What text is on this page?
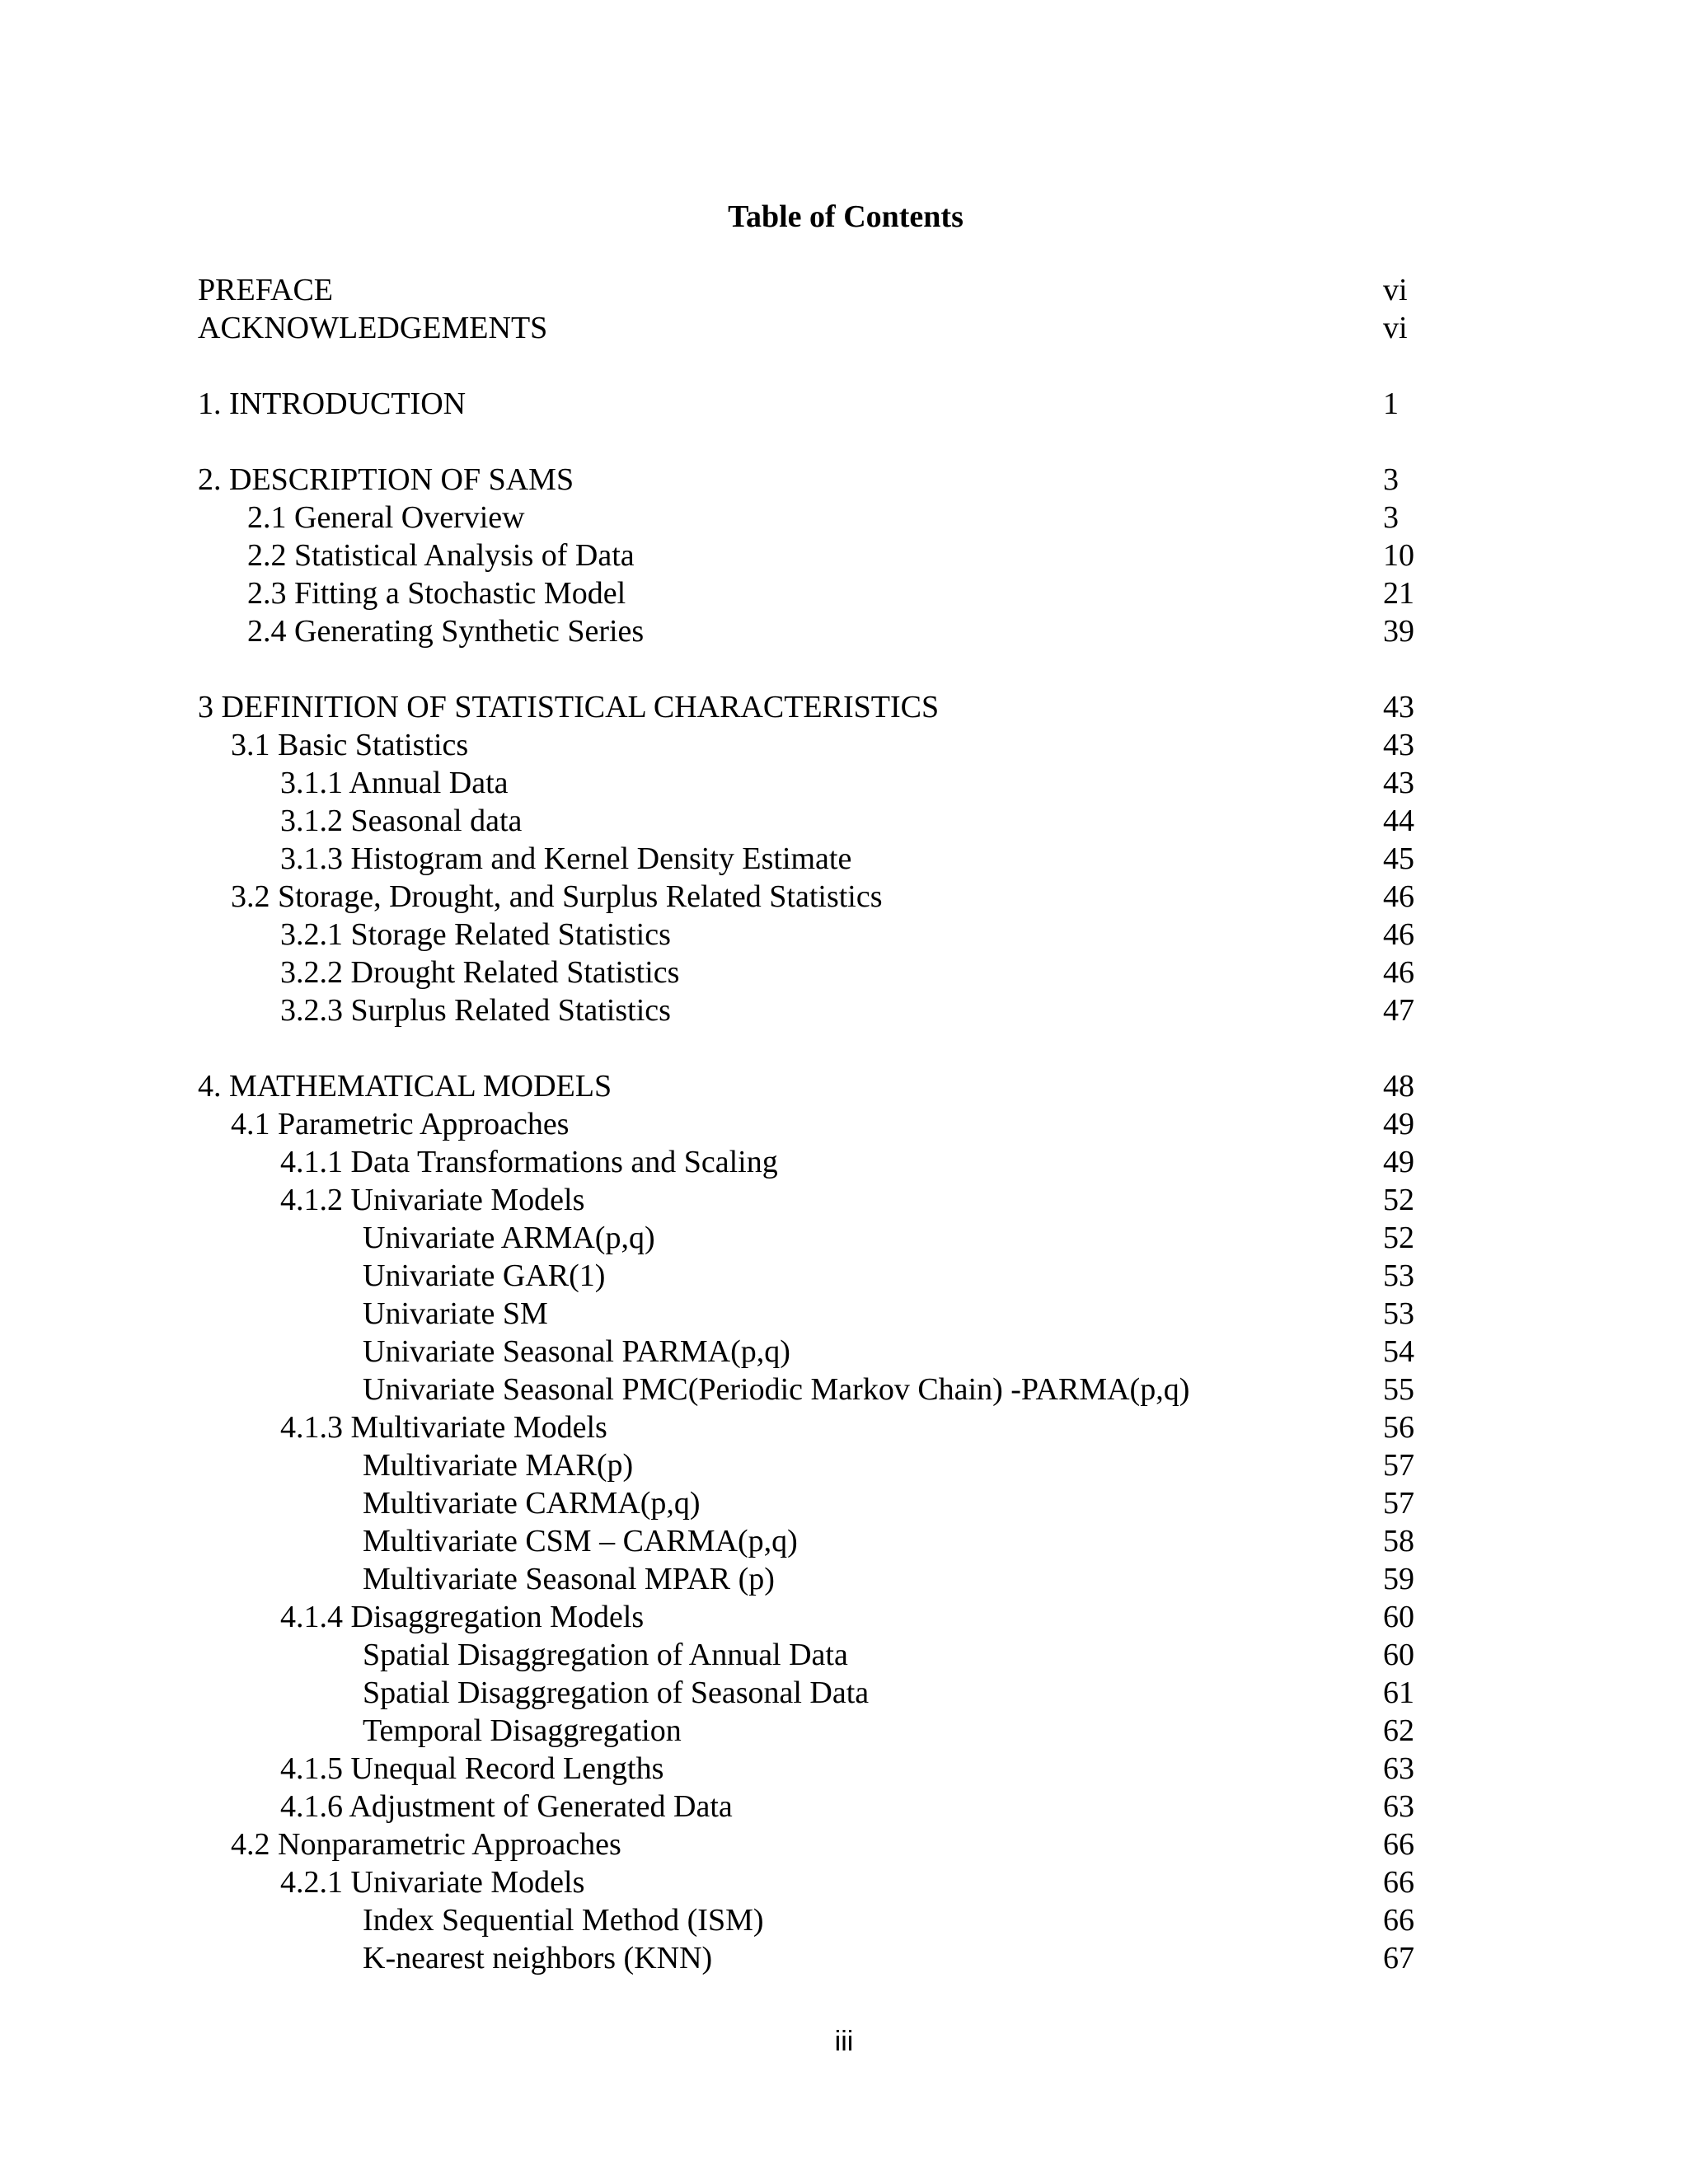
Table of Contents
PREFACE	vi
ACKNOWLEDGEMENTS	vi
1. INTRODUCTION	1
2. DESCRIPTION OF SAMS	3
2.1 General Overview	3
2.2 Statistical Analysis of Data	10
2.3 Fitting a Stochastic Model	21
2.4 Generating Synthetic Series	39
3 DEFINITION OF STATISTICAL CHARACTERISTICS	43
3.1 Basic Statistics	43
3.1.1 Annual Data	43
3.1.2 Seasonal data	44
3.1.3 Histogram and Kernel Density Estimate	45
3.2 Storage, Drought, and Surplus Related Statistics	46
3.2.1 Storage Related Statistics	46
3.2.2 Drought Related Statistics	46
3.2.3 Surplus Related Statistics	47
4. MATHEMATICAL MODELS	48
4.1 Parametric Approaches	49
4.1.1 Data Transformations and Scaling	49
4.1.2 Univariate Models	52
Univariate ARMA(p,q)	52
Univariate GAR(1)	53
Univariate SM	53
Univariate Seasonal PARMA(p,q)	54
Univariate Seasonal PMC(Periodic Markov Chain) -PARMA(p,q)	55
4.1.3 Multivariate Models	56
Multivariate MAR(p)	57
Multivariate CARMA(p,q)	57
Multivariate CSM – CARMA(p,q)	58
Multivariate Seasonal MPAR (p)	59
4.1.4 Disaggregation Models	60
Spatial Disaggregation of Annual Data	60
Spatial Disaggregation of Seasonal Data	61
Temporal Disaggregation	62
4.1.5 Unequal Record Lengths	63
4.1.6 Adjustment of Generated Data	63
4.2 Nonparametric Approaches	66
4.2.1 Univariate Models	66
Index Sequential Method (ISM)	66
K-nearest neighbors (KNN)	67
iii
